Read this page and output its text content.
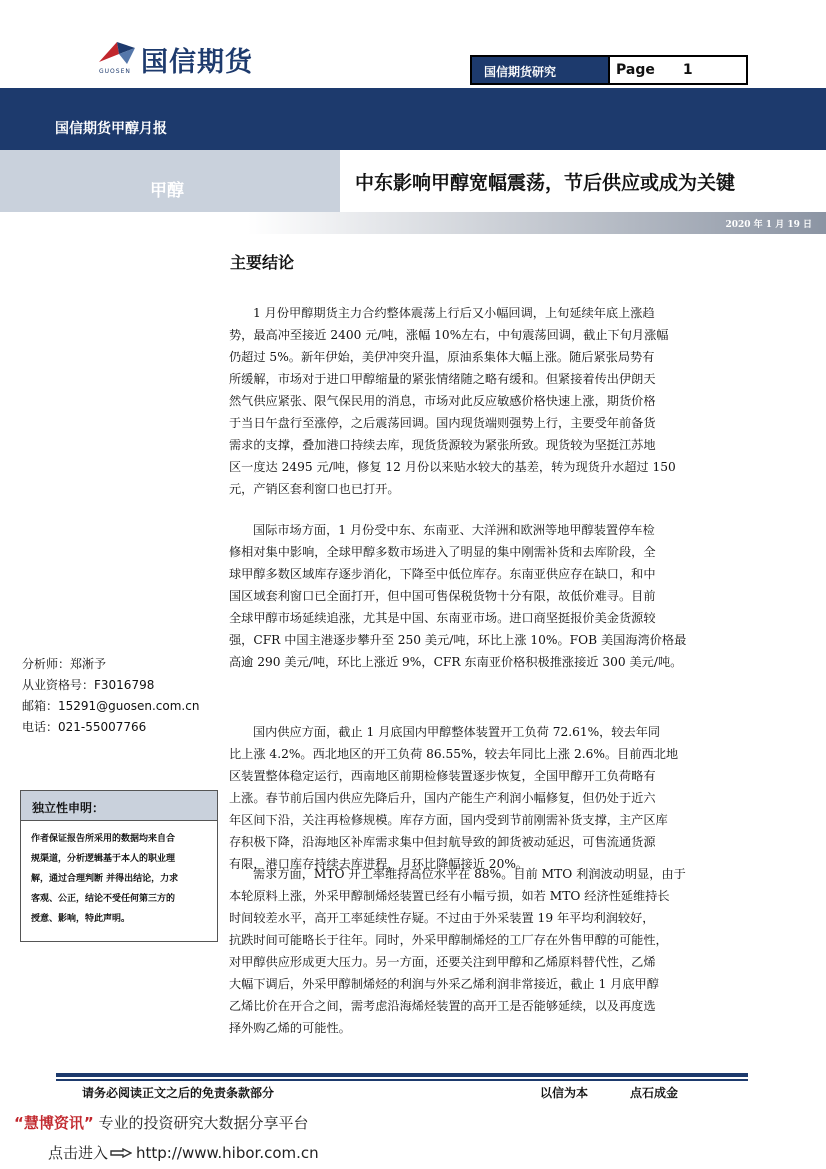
GUOSEN 国信期货	国信期货研究	Page 1
国信期货甲醇月报
甲醇	中东影响甲醇宽幅震荡，节后供应或成为关键
2020 年 1 月 19 日
主要结论
1 月份甲醇期货主力合约整体震荡上行后又小幅回调，上旬延续年底上涨趋
势，最高冲至接近 2400 元/吨，涨幅 10%左右，中旬震荡回调，截止下旬月涨幅
仍超过 5%。新年伊始，美伊冲突升温，原油系集体大幅上涨。随后紧张局势有
所缓解，市场对于进口甲醇缩量的紧张情绪随之略有缓和。但紧接着传出伊朗天
然气供应紧张、限气保民用的消息，市场对此反应敏感价格快速上涨，期货价格
于当日午盘行至涨停，之后震荡回调。国内现货端则强势上行，主要受年前备货
需求的支撑，叠加港口持续去库，现货货源较为紧张所致。现货较为坚挺江苏地
区一度达 2495 元/吨，修复 12 月份以来贴水较大的基差，转为现货升水超过 150
元，产销区套利窗口也已打开。
国际市场方面，1 月份受中东、东南亚、大洋洲和欧洲等地甲醇装置停车检
修相对集中影响，全球甲醇多数市场进入了明显的集中刚需补货和去库阶段，全
球甲醇多数区域库存逐步消化，下降至中低位库存。东南亚供应存在缺口，和中
国区域套利窗口已全面打开，但中国可售保税货物十分有限，故低价难寻。目前
全球甲醇市场延续追涨，尤其是中国、东南亚市场。进口商坚挺报价美金货源较
强，CFR 中国主港逐步攀升至 250 美元/吨，环比上涨 10%。FOB 美国海湾价格最
高逾 290 美元/吨，环比上涨近 9%，CFR 东南亚价格积极推涨接近 300 美元/吨。
国内供应方面，截止 1 月底国内甲醇整体装置开工负荷 72.61%，较去年同
比上涨 4.2%。西北地区的开工负荷 86.55%，较去年同比上涨 2.6%。目前西北地
区装置整体稳定运行，西南地区前期检修装置逐步恢复，全国甲醇开工负荷略有
上涨。春节前后国内供应先降后升，国内产能生产利润小幅修复，但仍处于近六
年区间下沿，关注再检修规模。库存方面，国内受到节前刚需补货支撑，主产区库
存积极下降，沿海地区补库需求集中但封航导致的卸货被动延迟，可售流通货源
有限，港口库存持续去库进程，月环比降幅接近 20%。
需求方面，MTO 开工率维持高位水平在 88%。目前 MTO 利润波动明显，由于
本轮原料上涨，外采甲醇制烯烃装置已经有小幅亏损，如若 MTO 经济性延维持长
时间较差水平，高开工率延续性存疑。不过由于外采装置 19 年平均利润较好，
抗跌时间可能略长于往年。同时，外采甲醇制烯烃的工厂存在外售甲醇的可能性，
对甲醇供应形成更大压力。另一方面，还要关注到甲醇和乙烯原料替代性，乙烯
大幅下调后，外采甲醇制烯烃的利润与外采乙烯利润非常接近，截止 1 月底甲醇
乙烯比价在开合之间，需考虑沿海烯烃装置的高开工是否能够延续，以及再度选
择外购乙烯的可能性。
分析师：郑淅予
从业资格号：F3016798
邮箱：15291@guosen.com.cn
电话：021-55007766
独立性申明：
作者保证报告所采用的数据均来自合
规渠道，分析逻辑基于本人的职业理
解，通过合理判断 并得出结论，力求
客观、公正，结论不受任何第三方的
授意、影响，特此声明。
请务必阅读正文之后的免责条款部分	以信为本	点石成金
“慧博资讯” 专业的投资研究大数据分享平台
点击进入 http://www.hibor.com.cn
